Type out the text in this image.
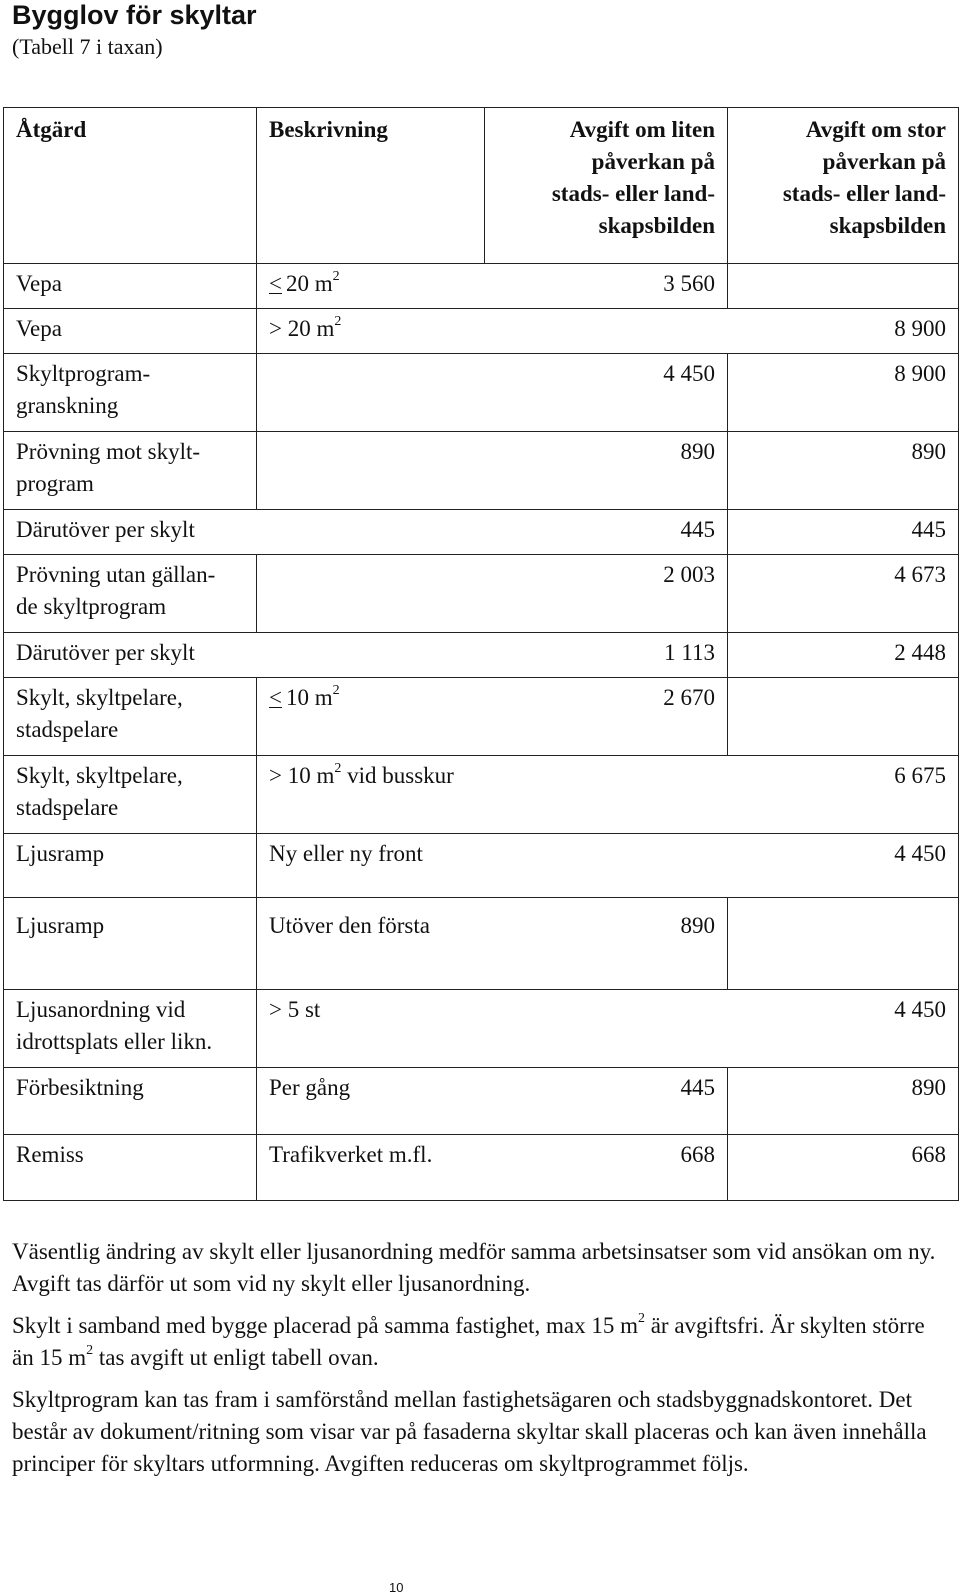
Bygglov för skyltar
(Tabell 7 i taxan)
Åtgärd	Beskrivning	Avgift om liten
påverkan på
stads- eller land-
skapsbilden	Avgift om stor
påverkan på
stads- eller land-
skapsbilden
Vepa	< 20 $m^2$	3 560	
Vepa	> 20 $m^2$		8 900
Skyltprogram-
granskning		4 450	8 900
Prövning mot skylt-
program		890	890
Därutöver per skylt		445	445
Prövning utan gällan-
de skyltprogram		2 003	4 673
Därutöver per skylt		1 113	2 448
Skylt, skyltpelare,
stadspelare	< 10 $m^2$	2 670	
Skylt, skyltpelare,
stadspelare	> 10 $m^2$ vid busskur		6 675
Ljusramp	Ny eller ny front		4 450
Ljusramp	Utöver den första	890	
Ljusanordning vid
idrottsplats eller likn.	> 5 st		4 450
Förbesiktning	Per gång	445	890
Remiss	Trafikverket m.fl.	668	668

Väsentlig ändring av skylt eller ljusanordning medför samma arbetsinsatser som vid ansökan om ny. Avgift tas därför ut som vid ny skylt eller ljusanordning.

Skylt i samband med bygge placerad på samma fastighet, max 15 $m^2$ är avgiftsfri. Är skylten större än 15 $m^2$ tas avgift ut enligt tabell ovan.

Skyltprogram kan tas fram i samförstånd mellan fastighetsägaren och stadsbyggnadskontoret. Det består av dokument/ritning som visar var på fasaderna skyltar skall placeras och kan även innehålla principer för skyltars utformning. Avgiften reduceras om skyltprogrammet följs.

10
